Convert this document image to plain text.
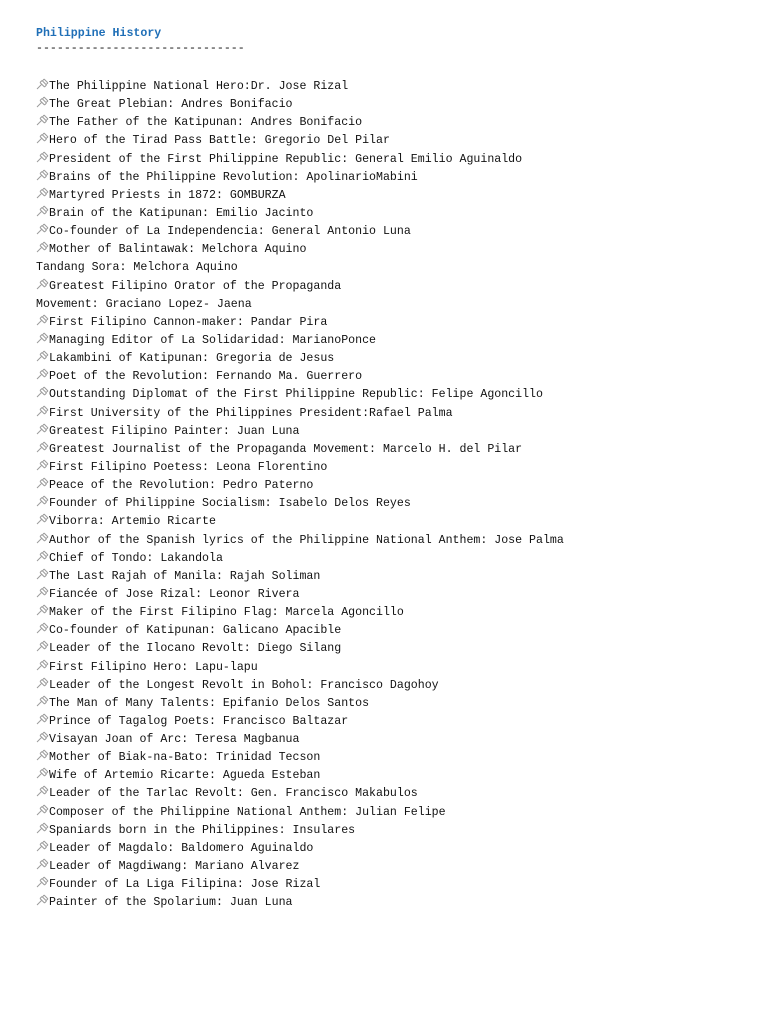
Philippine History
------------------------------
The Philippine National Hero:Dr. Jose Rizal
The Great Plebian: Andres Bonifacio
The Father of the Katipunan: Andres Bonifacio
Hero of the Tirad Pass Battle: Gregorio Del Pilar
President of the First Philippine Republic: General Emilio Aguinaldo
Brains of the Philippine Revolution: ApolinarioMabini
Martyred Priests in 1872: GOMBURZA
Brain of the Katipunan: Emilio Jacinto
Co-founder of La Independencia: General Antonio Luna
Mother of Balintawak: Melchora Aquino
Tandang Sora: Melchora Aquino
Greatest Filipino Orator of the Propaganda
Movement: Graciano Lopez- Jaena
First Filipino Cannon-maker: Pandar Pira
Managing Editor of La Solidaridad: MarianoPonce
Lakambini of Katipunan: Gregoria de Jesus
Poet of the Revolution: Fernando Ma. Guerrero
Outstanding Diplomat of the First Philippine Republic: Felipe Agoncillo
First University of the Philippines President:Rafael Palma
Greatest Filipino Painter: Juan Luna
Greatest Journalist of the Propaganda Movement: Marcelo H. del Pilar
First Filipino Poetess: Leona Florentino
Peace of the Revolution: Pedro Paterno
Founder of Philippine Socialism: Isabelo Delos Reyes
Viborra: Artemio Ricarte
Author of the Spanish lyrics of the Philippine National Anthem: Jose Palma
Chief of Tondo: Lakandola
The Last Rajah of Manila: Rajah Soliman
Fiancée of Jose Rizal: Leonor Rivera
Maker of the First Filipino Flag: Marcela Agoncillo
Co-founder of Katipunan: Galicano Apacible
Leader of the Ilocano Revolt: Diego Silang
First Filipino Hero: Lapu-lapu
Leader of the Longest Revolt in Bohol: Francisco Dagohoy
The Man of Many Talents: Epifanio Delos Santos
Prince of Tagalog Poets: Francisco Baltazar
Visayan Joan of Arc: Teresa Magbanua
Mother of Biak-na-Bato: Trinidad Tecson
Wife of Artemio Ricarte: Agueda Esteban
Leader of the Tarlac Revolt: Gen. Francisco Makabulos
Composer of the Philippine National Anthem: Julian Felipe
Spaniards born in the Philippines: Insulares
Leader of Magdalo: Baldomero Aguinaldo
Leader of Magdiwang: Mariano Alvarez
Founder of La Liga Filipina: Jose Rizal
Painter of the Spolarium: Juan Luna
